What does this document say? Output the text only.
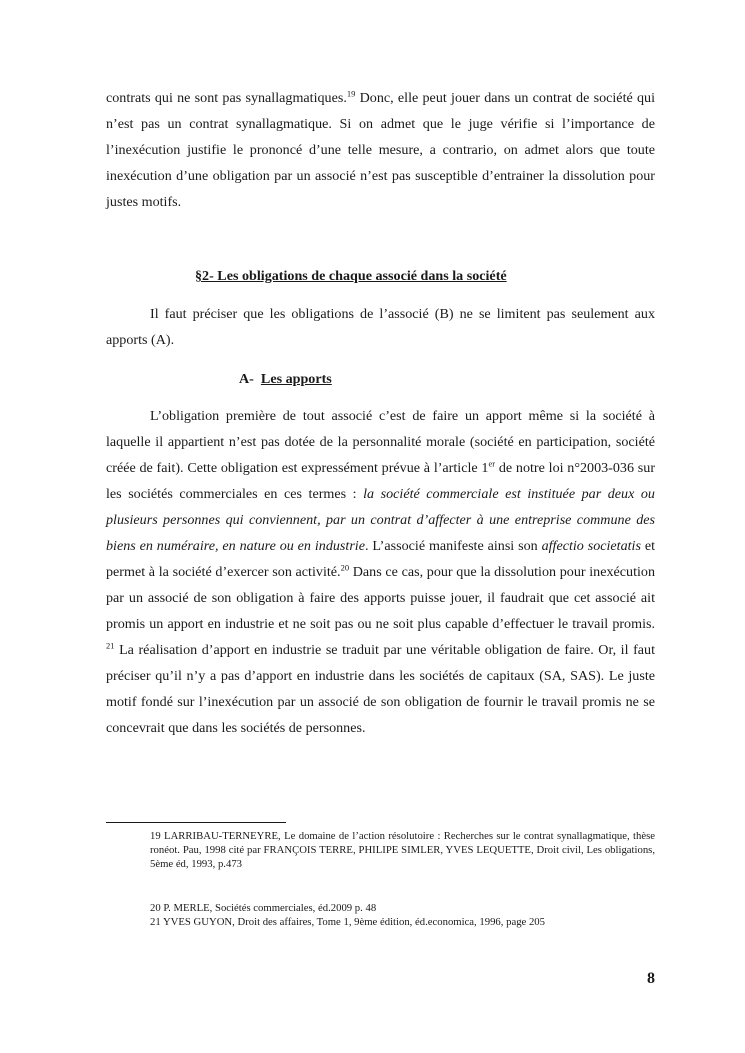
contrats qui ne sont pas synallagmatiques.$^{19}$ Donc, elle peut jouer dans un contrat de société qui n’est pas un contrat synallagmatique. Si on admet que le juge vérifie si l’importance de l’inexécution justifie le prononcé d’une telle mesure, a contrario, on admet alors que toute inexécution d’une obligation par un associé n’est pas susceptible d’entrainer la dissolution pour justes motifs.

§2- Les obligations de chaque associé dans la société

Il faut préciser que les obligations de l’associé (B) ne se limitent pas seulement aux apports (A).

A- Les apports

L’obligation première de tout associé c’est de faire un apport même si la société à laquelle il appartient n’est pas dotée de la personnalité morale (société en participation, société créée de fait). Cette obligation est expressément prévue à l’article 1er de notre loi n°2003-036 sur les sociétés commerciales en ces termes : la société commerciale est instituée par deux ou plusieurs personnes qui conviennent, par un contrat d’affecter à une entreprise commune des biens en numéraire, en nature ou en industrie. L’associé manifeste ainsi son affectio societatis et permet à la société d’exercer son activité.$^{20}$ Dans ce cas, pour que la dissolution pour inexécution par un associé de son obligation à faire des apports puisse jouer, il faudrait que cet associé ait promis un apport en industrie et ne soit pas ou ne soit plus capable d’effectuer le travail promis. $^{21}$ La réalisation d’apport en industrie se traduit par une véritable obligation de faire. Or, il faut préciser qu’il n’y a pas d’apport en industrie dans les sociétés de capitaux (SA, SAS). Le juste motif fondé sur l’inexécution par un associé de son obligation de fournir le travail promis ne se concevrait que dans les sociétés de personnes.

19 LARRIBAU-TERNEYRE, Le domaine de l’action résolutoire : Recherches sur le contrat synallagmatique, thèse ronéot. Pau, 1998 cité par FRANÇOIS TERRE, PHILIPE SIMLER, YVES LEQUETTE, Droit civil, Les obligations, 5ème éd, 1993, p.473

20 P. MERLE, Sociétés commerciales, éd.2009 p. 48

21 YVES GUYON, Droit des affaires, Tome 1, 9ème édition, éd.economica, 1996, page 205

8
